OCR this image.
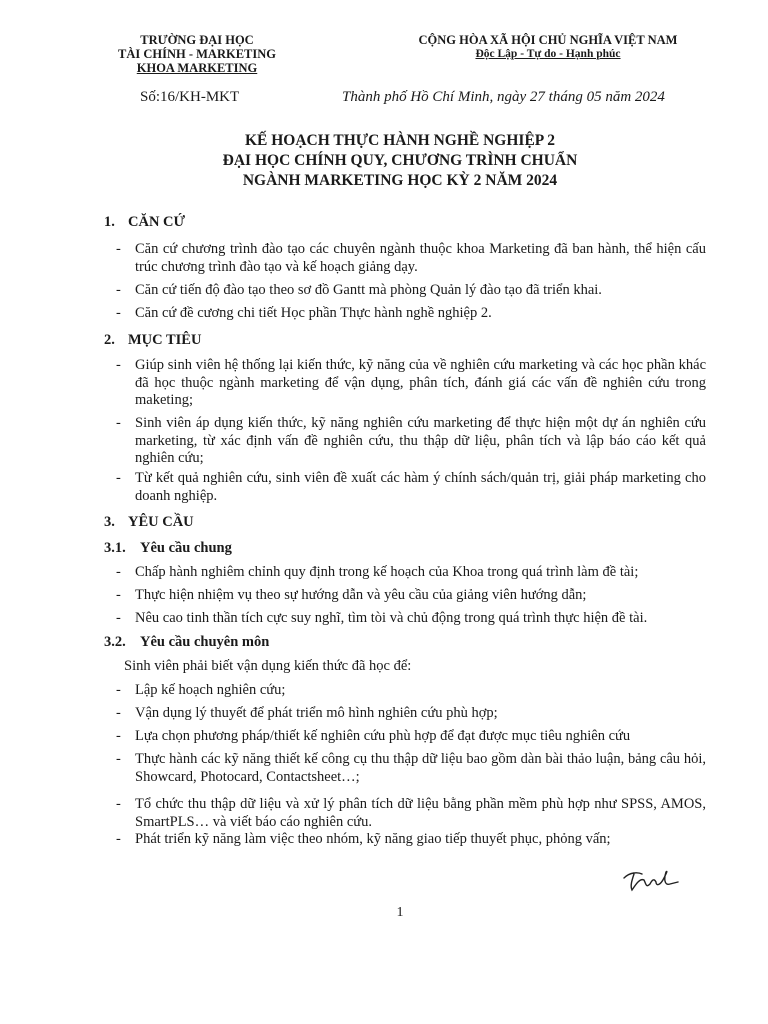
TRƯỜNG ĐẠI HỌC
TÀI CHÍNH - MARKETING
KHOA MARKETING
CỘNG HÒA XÃ HỘI CHỦ NGHĨA VIỆT NAM
Độc Lập - Tự do - Hạnh phúc
Số:16/KH-MKT	Thành phố Hồ Chí Minh, ngày 27 tháng 05 năm 2024
KẾ HOẠCH THỰC HÀNH NGHỀ NGHIỆP 2
ĐẠI HỌC CHÍNH QUY, CHƯƠNG TRÌNH CHUẨN
NGÀNH MARKETING HỌC KỲ 2 NĂM 2024
1. CĂN CỨ
- Căn cứ chương trình đào tạo các chuyên ngành thuộc khoa Marketing đã ban hành, thể hiện cấu trúc chương trình đào tạo và kế hoạch giảng dạy.
- Căn cứ tiến độ đào tạo theo sơ đồ Gantt mà phòng Quản lý đào tạo đã triển khai.
- Căn cứ đề cương chi tiết Học phần Thực hành nghề nghiệp 2.
2. MỤC TIÊU
- Giúp sinh viên hệ thống lại kiến thức, kỹ năng của về nghiên cứu marketing và các học phần khác đã học thuộc ngành marketing để vận dụng, phân tích, đánh giá các vấn đề nghiên cứu trong maketing;
- Sinh viên áp dụng kiến thức, kỹ năng nghiên cứu marketing để thực hiện một dự án nghiên cứu marketing, từ xác định vấn đề nghiên cứu, thu thập dữ liệu, phân tích và lập báo cáo kết quả nghiên cứu;
- Từ kết quả nghiên cứu, sinh viên đề xuất các hàm ý chính sách/quản trị, giải pháp marketing cho doanh nghiệp.
3. YÊU CẦU
3.1. Yêu cầu chung
- Chấp hành nghiêm chỉnh quy định trong kế hoạch của Khoa trong quá trình làm đề tài;
- Thực hiện nhiệm vụ theo sự hướng dẫn và yêu cầu của giảng viên hướng dẫn;
- Nêu cao tinh thần tích cực suy nghĩ, tìm tòi và chủ động trong quá trình thực hiện đề tài.
3.2. Yêu cầu chuyên môn
Sinh viên phải biết vận dụng kiến thức đã học để:
- Lập kế hoạch nghiên cứu;
- Vận dụng lý thuyết để phát triển mô hình nghiên cứu phù hợp;
- Lựa chọn phương pháp/thiết kế nghiên cứu phù hợp để đạt được mục tiêu nghiên cứu
- Thực hành các kỹ năng thiết kế công cụ thu thập dữ liệu bao gồm dàn bài thảo luận, bảng câu hỏi, Showcard, Photocard, Contactsheet…;
- Tổ chức thu thập dữ liệu và xử lý phân tích dữ liệu bằng phần mềm phù hợp như SPSS, AMOS, SmartPLS… và viết báo cáo nghiên cứu.
- Phát triển kỹ năng làm việc theo nhóm, kỹ năng giao tiếp thuyết phục, phỏng vấn;
1
